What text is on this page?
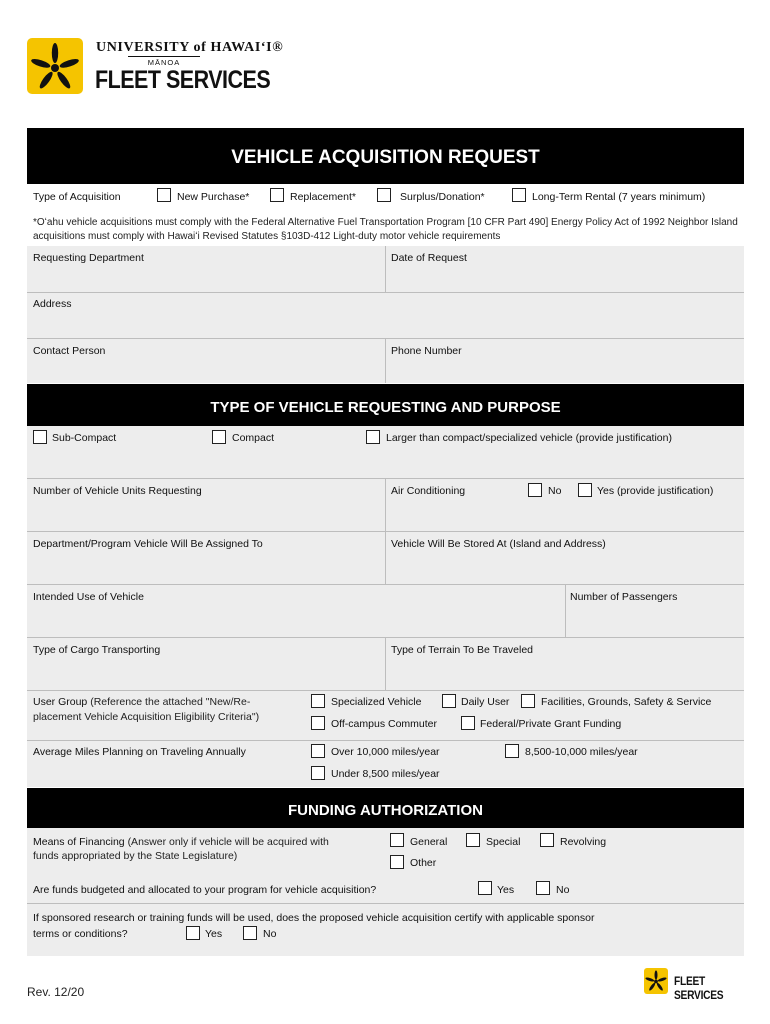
UNIVERSITY of HAWAIʻI®
MĀNOA
FLEET SERVICES
VEHICLE ACQUISITION REQUEST
Type of Acquisition	New Purchase*	Replacement*	Surplus/Donation*	Long-Term Rental (7 years minimum)
*Oʻahu vehicle acquisitions must comply with the Federal Alternative Fuel Transportation Program [10 CFR Part 490] Energy Policy Act of 1992 Neighbor Island acquisitions must comply with Hawaiʻi Revised Statutes §103D-412 Light-duty motor vehicle requirements
Requesting Department	Date of Request
Address
Contact Person	Phone Number
TYPE OF VEHICLE REQUESTING AND PURPOSE
Sub-Compact	Compact	Larger than compact/specialized vehicle (provide justification)
Number of Vehicle Units Requesting	Air Conditioning	No	Yes (provide justification)
Department/Program Vehicle Will Be Assigned To	Vehicle Will Be Stored At (Island and Address)
Intended Use of Vehicle	Number of Passengers
Type of Cargo Transporting	Type of Terrain To Be Traveled
User Group (Reference the attached "New/Re-
placement Vehicle Acquisition Eligibility Criteria")
Specialized Vehicle	Daily User	Facilities, Grounds, Safety & Service
Off-campus Commuter	Federal/Private Grant Funding
Average Miles Planning on Traveling Annually	Over 10,000 miles/year	8,500-10,000 miles/year
Under 8,500 miles/year
FUNDING AUTHORIZATION
Means of Financing (Answer only if vehicle will be acquired with
funds appropriated by the State Legislature)
General	Special	Revolving
Other
Are funds budgeted and allocated to your program for vehicle acquisition?	Yes	No
If sponsored research or training funds will be used, does the proposed vehicle acquisition certify with applicable sponsor
terms or conditions?	Yes	No
Rev. 12/20
FLEET SERVICES
